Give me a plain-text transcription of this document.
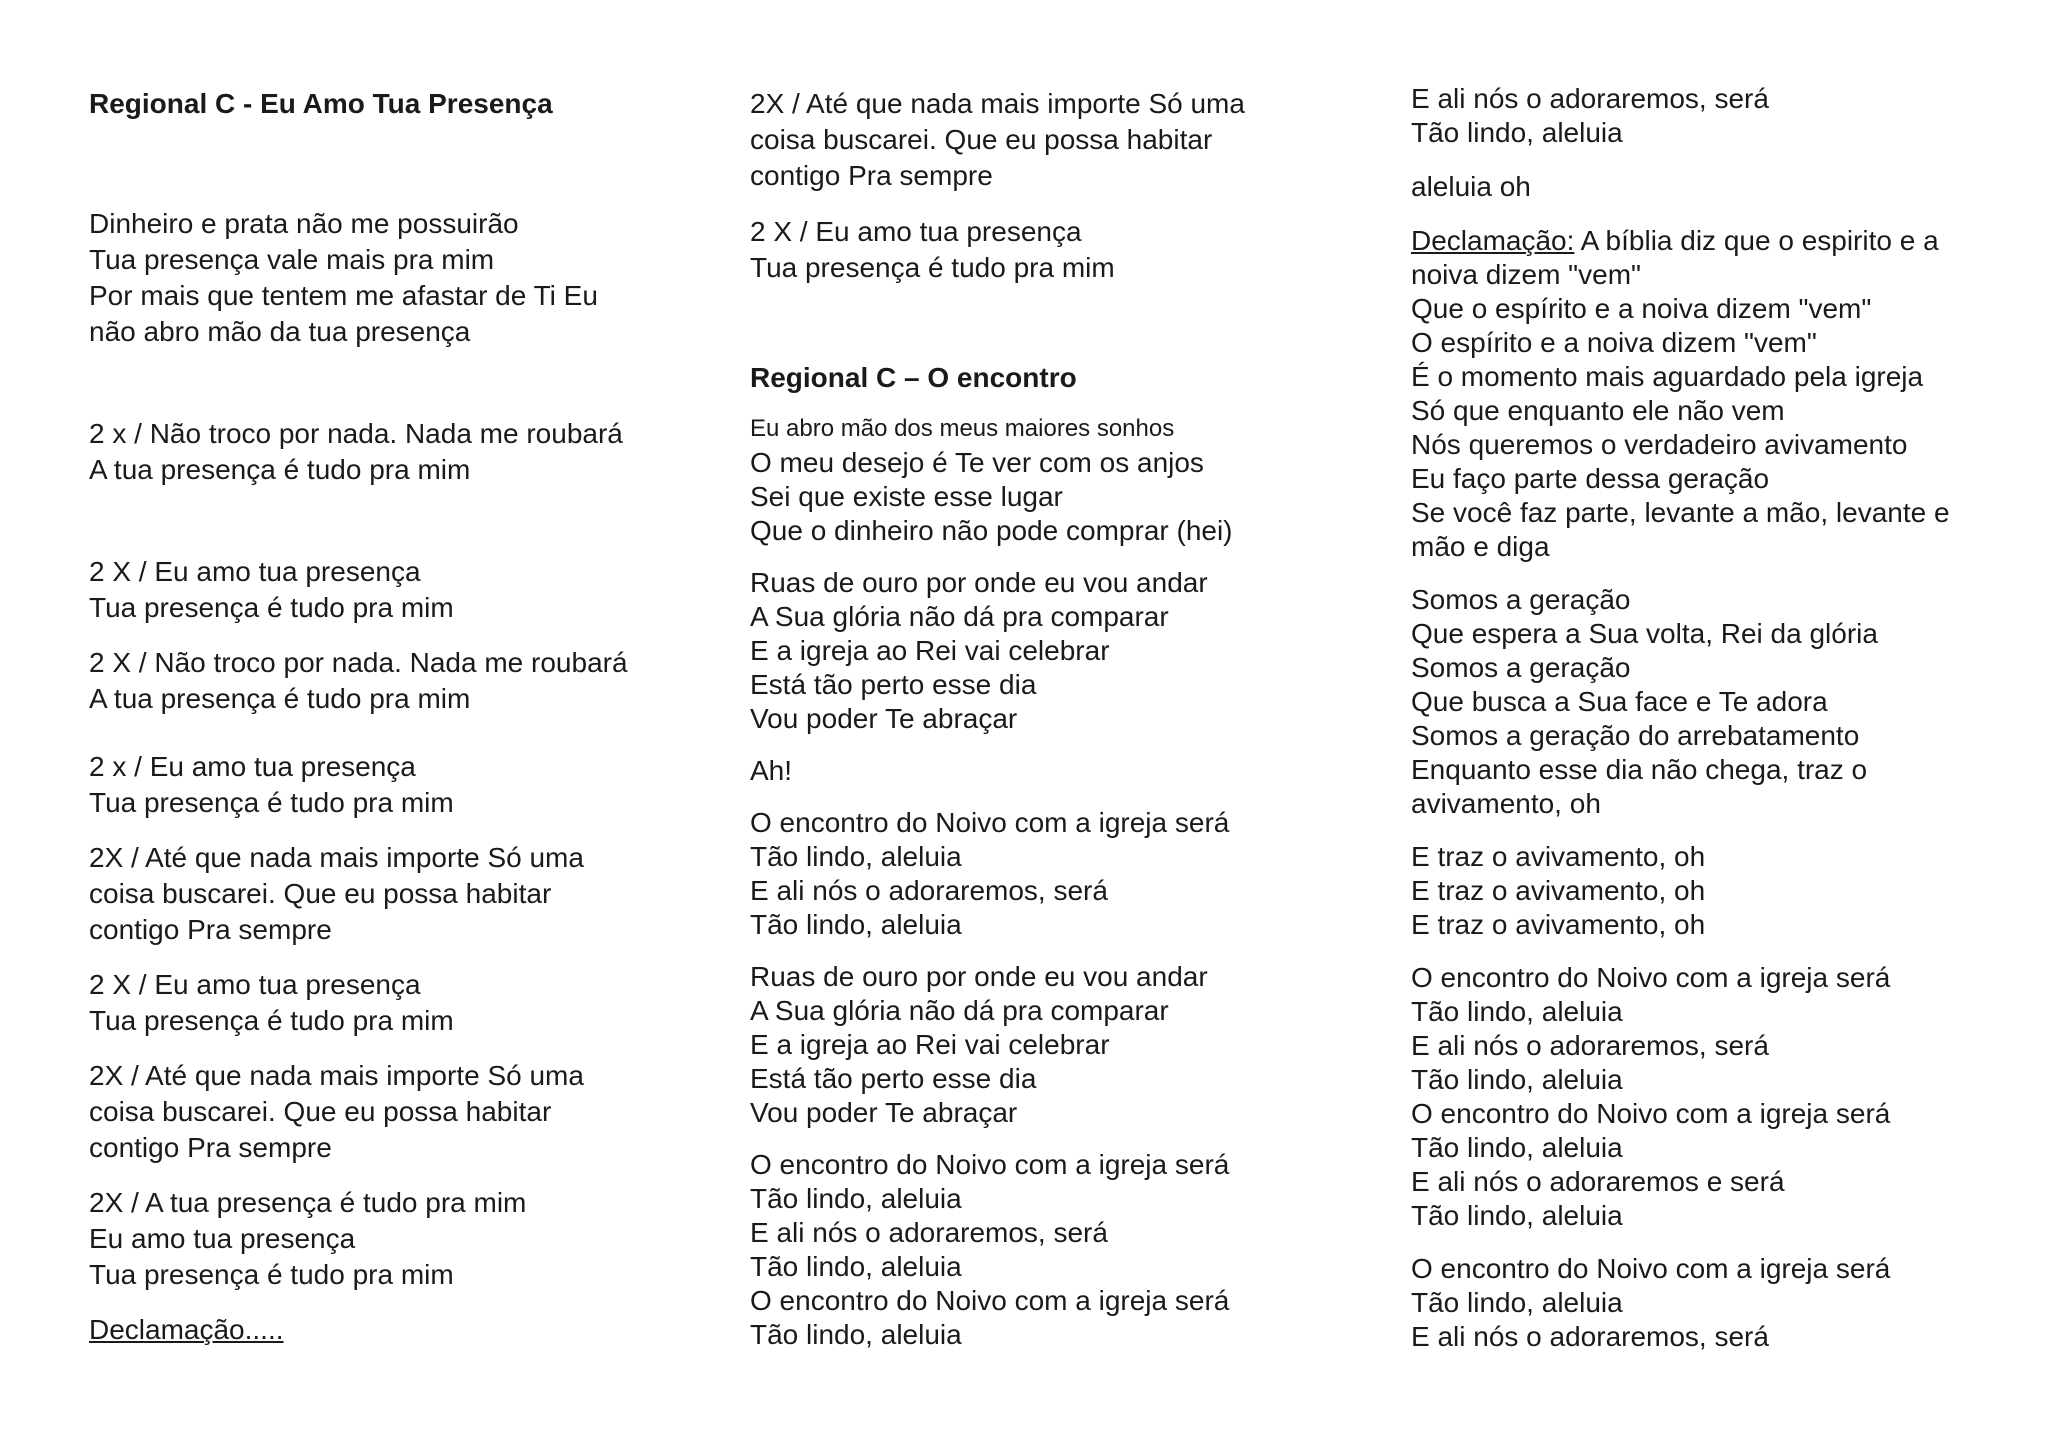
Regional C - Eu Amo Tua Presença

Dinheiro e prata não me possuirão
Tua presença vale mais pra mim
Por mais que tentem me afastar de Ti Eu
não abro mão da tua presença

2 x / Não troco por nada. Nada me roubará
A tua presença é tudo pra mim

2 X / Eu amo tua presença
Tua presença é tudo pra mim

2 X / Não troco por nada. Nada me roubará
A tua presença é tudo pra mim

2 x / Eu amo tua presença
Tua presença é tudo pra mim

2X / Até que nada mais importe Só uma
coisa buscarei. Que eu possa habitar
contigo Pra sempre

2 X / Eu amo tua presença
Tua presença é tudo pra mim

2X / Até que nada mais importe Só uma
coisa buscarei. Que eu possa habitar
contigo Pra sempre

2X / A tua presença é tudo pra mim
Eu amo tua presença
Tua presença é tudo pra mim

Declamação.....

2X / Até que nada mais importe Só uma
coisa buscarei. Que eu possa habitar
contigo Pra sempre

2 X / Eu amo tua presença
Tua presença é tudo pra mim

Regional C – O encontro

Eu abro mão dos meus maiores sonhos

O meu desejo é Te ver com os anjos
Sei que existe esse lugar
Que o dinheiro não pode comprar (hei)

Ruas de ouro por onde eu vou andar
A Sua glória não dá pra comparar
E a igreja ao Rei vai celebrar
Está tão perto esse dia
Vou poder Te abraçar

Ah!

O encontro do Noivo com a igreja será
Tão lindo, aleluia
E ali nós o adoraremos, será
Tão lindo, aleluia

Ruas de ouro por onde eu vou andar
A Sua glória não dá pra comparar
E a igreja ao Rei vai celebrar
Está tão perto esse dia
Vou poder Te abraçar

O encontro do Noivo com a igreja será
Tão lindo, aleluia
E ali nós o adoraremos, será
Tão lindo, aleluia
O encontro do Noivo com a igreja será
Tão lindo, aleluia

E ali nós o adoraremos, será
Tão lindo, aleluia

aleluia oh

Declamação: A bíblia diz que o espirito e a

noiva dizem "vem"
Que o espírito e a noiva dizem "vem"
O espírito e a noiva dizem "vem"
É o momento mais aguardado pela igreja
Só que enquanto ele não vem
Nós queremos o verdadeiro avivamento
Eu faço parte dessa geração
Se você faz parte, levante a mão, levante e
mão e diga

Somos a geração
Que espera a Sua volta, Rei da glória
Somos a geração
Que busca a Sua face e Te adora
Somos a geração do arrebatamento
Enquanto esse dia não chega, traz o
avivamento, oh

E traz o avivamento, oh
E traz o avivamento, oh
E traz o avivamento, oh

O encontro do Noivo com a igreja será
Tão lindo, aleluia
E ali nós o adoraremos, será
Tão lindo, aleluia
O encontro do Noivo com a igreja será
Tão lindo, aleluia
E ali nós o adoraremos e será
Tão lindo, aleluia

O encontro do Noivo com a igreja será
Tão lindo, aleluia
E ali nós o adoraremos, será
